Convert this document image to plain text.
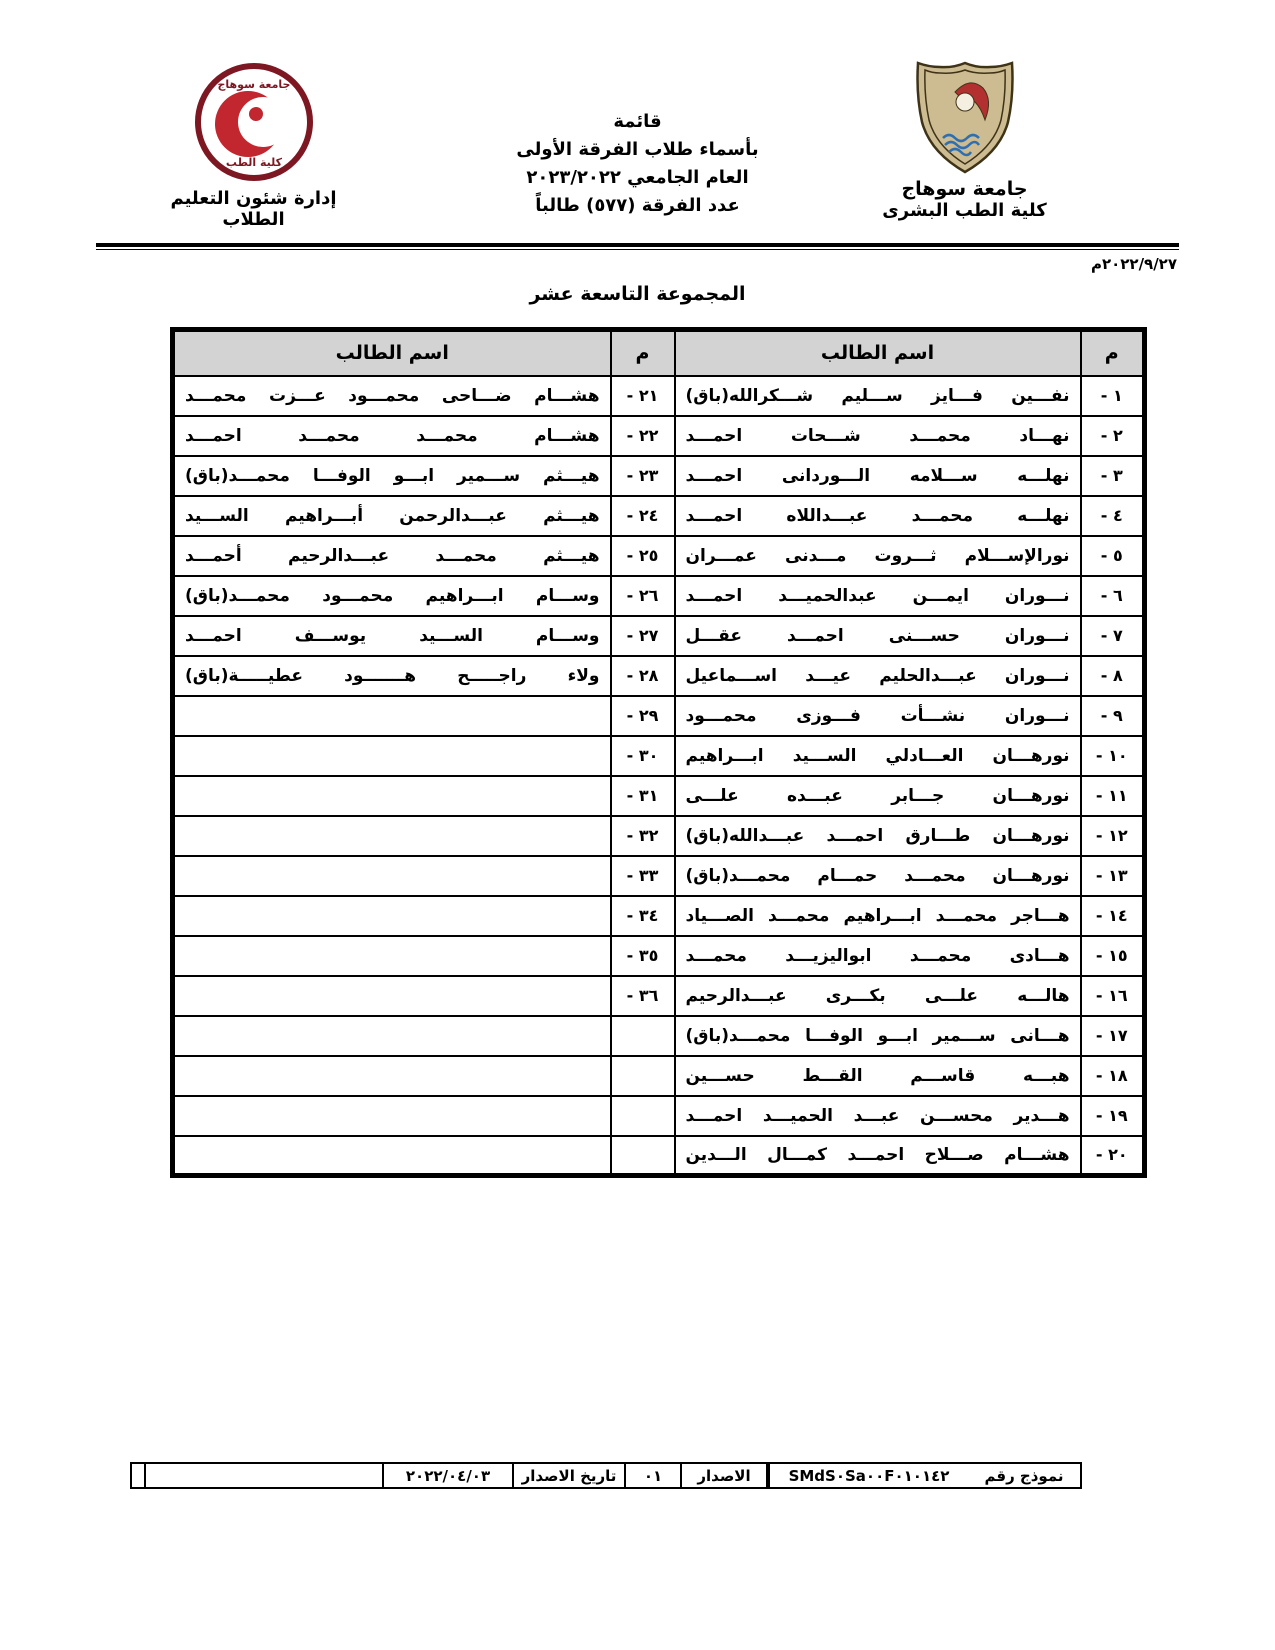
جامعة سوهاج
كلية الطب البشرى
قائمة
بأسماء طلاب الفرقة الأولى
العام الجامعي ٢٠٢٣/٢٠٢٢
عدد الفرقة (٥٧٧) طالباً
جامعة سوهاج
كلية الطب
إدارة شئون التعليم الطلاب
٢٠٢٢/٩/٢٧م
المجموعة التاسعة عشر
م	اسم الطالب	م	اسم الطالب
١ -	نفـــين فـــايز ســـليم شـــكرالله(باق)	٢١ -	هشـــام ضـــاحى محمـــود عـــزت محمـــد
٢ -	نهـــاد محمـــد شـــحات احمـــد	٢٢ -	هشـــام محمـــد محمـــد احمـــد
٣ -	نهلـــه ســـلامه الـــوردانى احمـــد	٢٣ -	هيـــثم ســـمير ابـــو الوفـــا محمـــد(باق)
٤ -	نهلـــه محمـــد عبـــداللاه احمـــد	٢٤ -	هيـــثم عبـــدالرحمن أبـــراهيم الســـيد
٥ -	نورالإســـلام ثـــروت مـــدنى عمـــران	٢٥ -	هيـــثم محمـــد عبـــدالرحيم أحمـــد
٦ -	نـــوران ايمـــن عبدالحميـــد احمـــد	٢٦ -	وســـام ابـــراهيم محمـــود محمـــد(باق)
٧ -	نـــوران حســـنى احمـــد عقـــل	٢٧ -	وســـام الســـيد يوســـف احمـــد
٨ -	نـــوران عبـــدالحليم عيـــد اســـماعيل	٢٨ -	ولاء راجـــــح هـــــــود عطيـــــة(باق)
٩ -	نـــوران نشـــأت فـــوزى محمـــود	٢٩ -	
١٠ -	نورهـــان العـــادلي الســـيد ابـــراهيم	٣٠ -	
١١ -	نورهـــان جـــابر عبـــده علـــى	٣١ -	
١٢ -	نورهـــان طـــارق احمـــد عبـــدالله(باق)	٣٢ -	
١٣ -	نورهـــان محمـــد حمـــام محمـــد(باق)	٣٣ -	
١٤ -	هـــاجر محمـــد ابـــراهيم محمـــد الصـــياد	٣٤ -	
١٥ -	هـــادى محمـــد ابواليزيـــد محمـــد	٣٥ -	
١٦ -	هالـــه علـــى بكـــرى عبـــدالرحيم	٣٦ -	
١٧ -	هـــانى ســـمير ابـــو الوفـــا محمـــد(باق)		
١٨ -	هبـــه قاســـم القـــط حســـين		
١٩ -	هـــدير محســـن عبـــد الحميـــد احمـــد		
٢٠ -	هشـــام صـــلاح احمـــد كمـــال الـــدين		
نموذج رقم
SMdS٠Sa٠٠F٠١٠١٤٢
الاصدار
٠١
تاريخ الاصدار
٢٠٢٢/٠٤/٠٣
